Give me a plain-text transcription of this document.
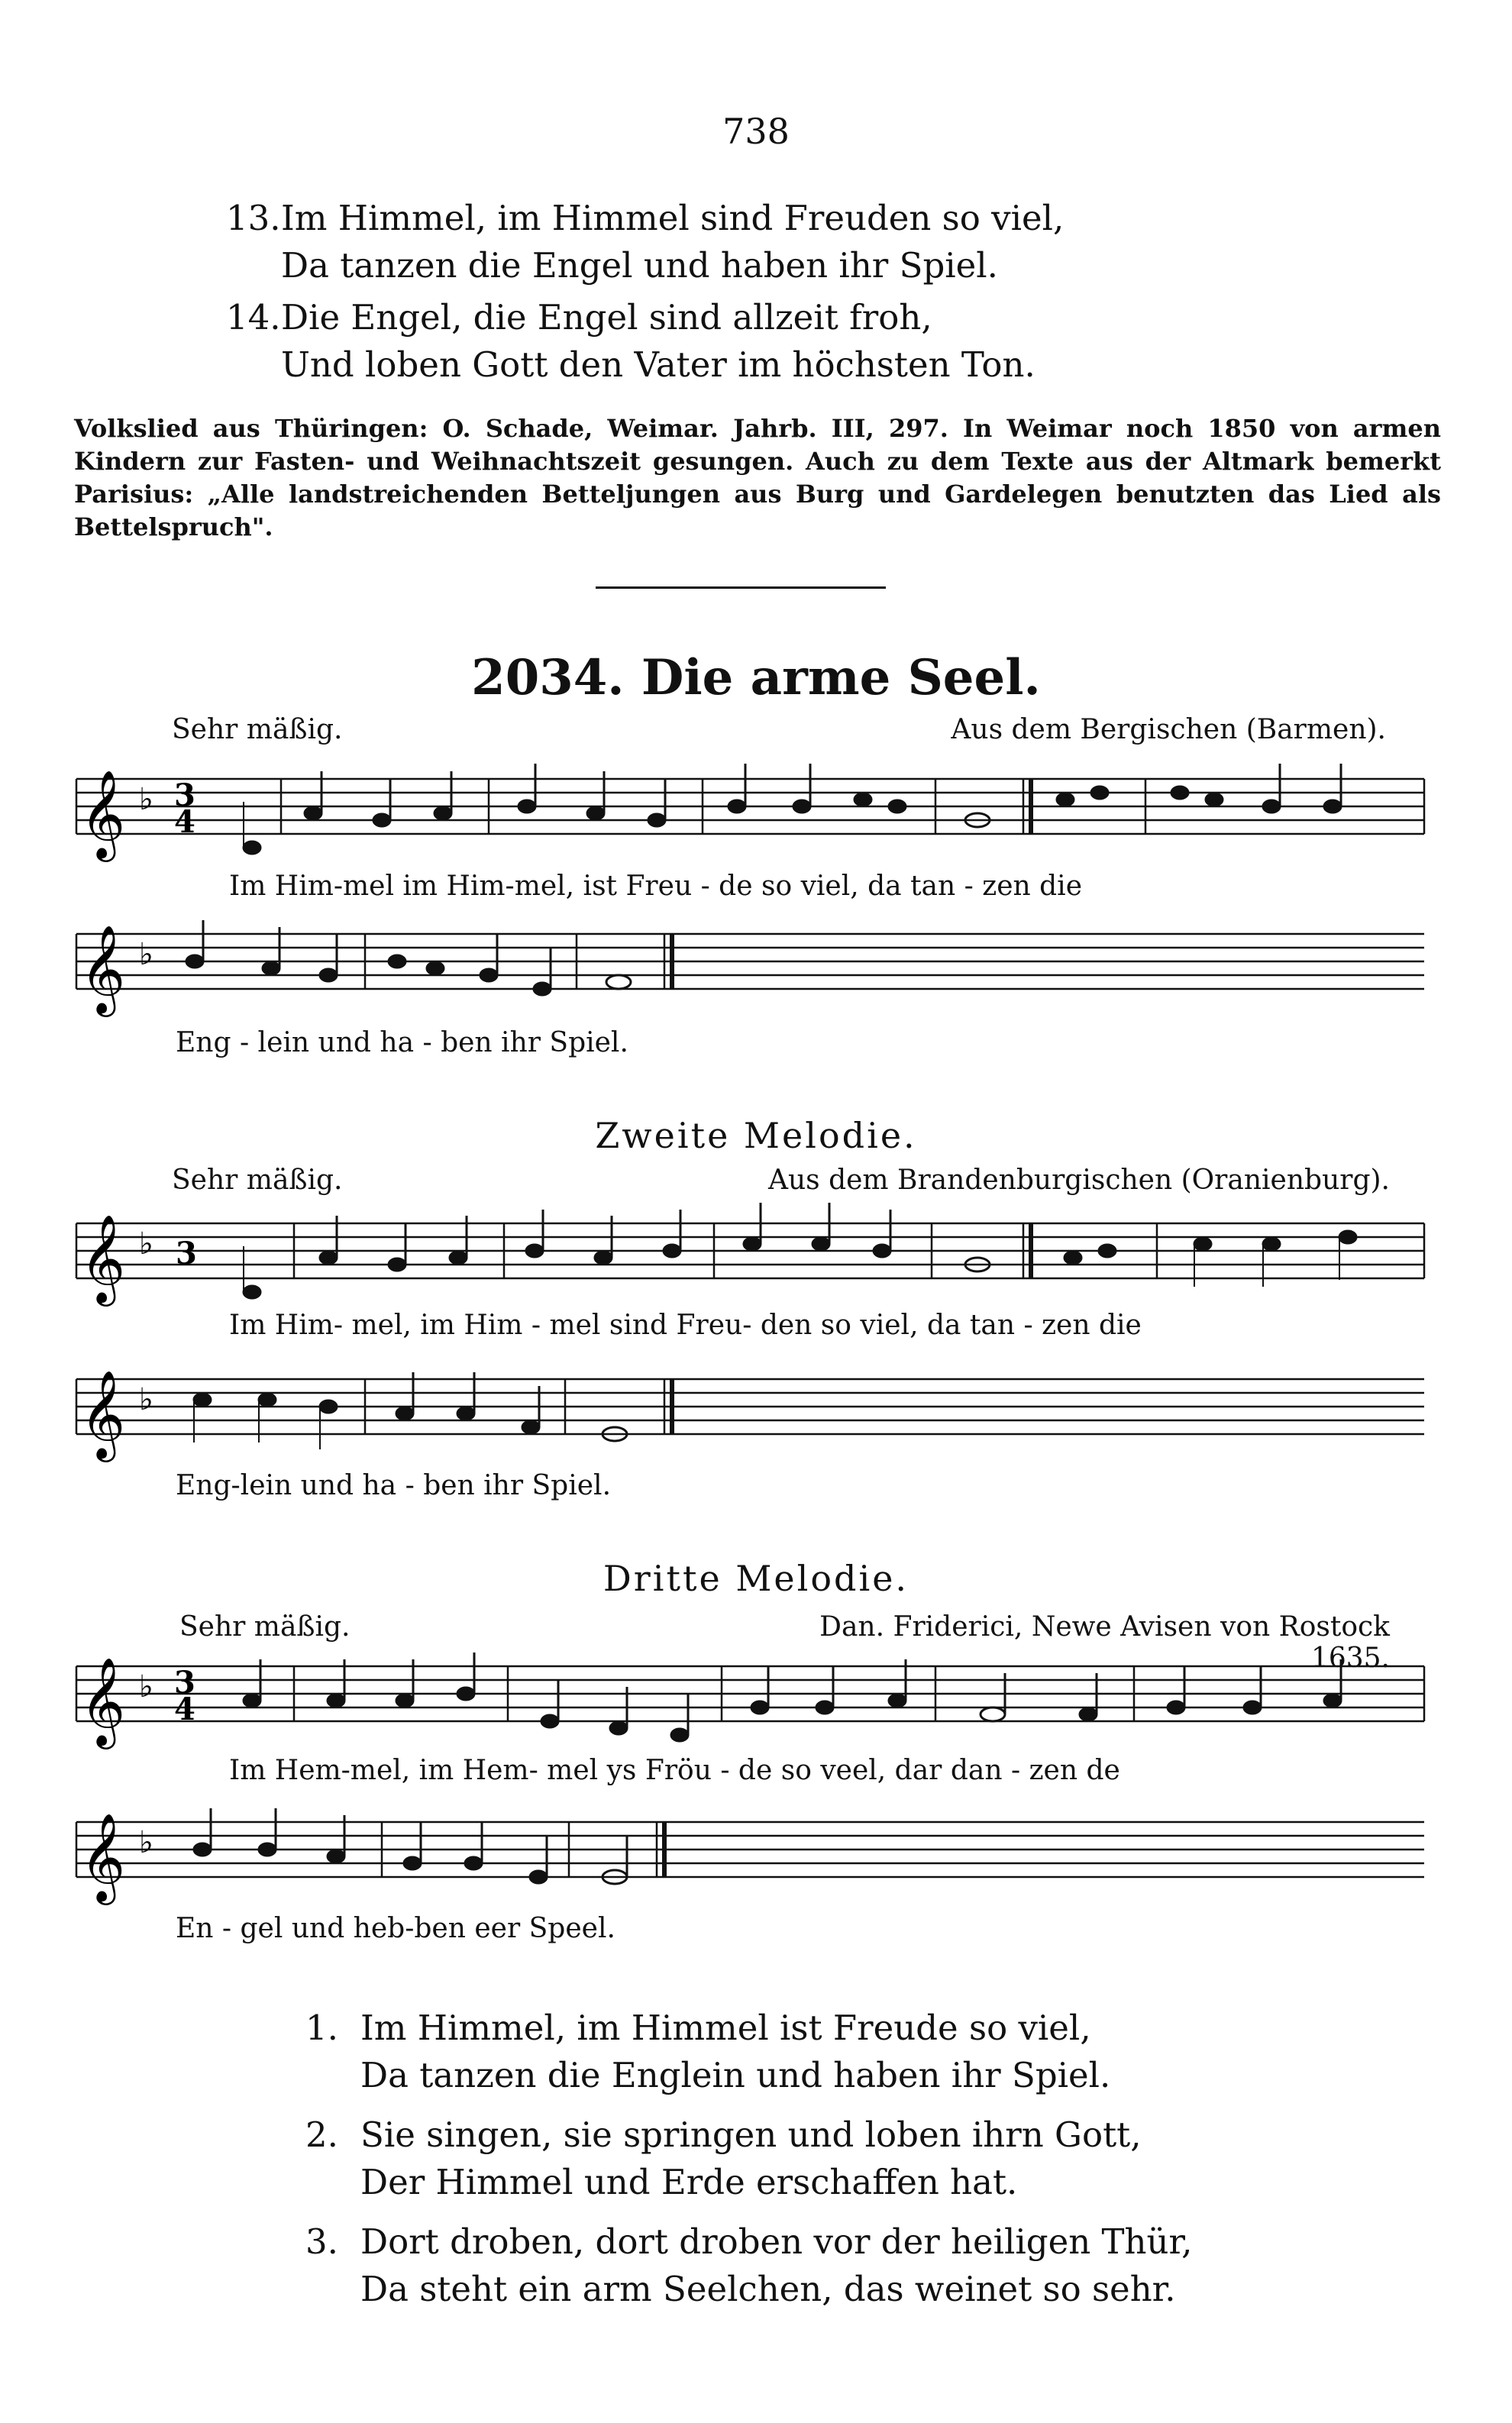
738
13.Im Himmel, im Himmel sind Freuden so viel,
Da tanzen die Engel und haben ihr Spiel.
14.Die Engel, die Engel sind allzeit froh,
Und loben Gott den Vater im höchsten Ton.
Volkslied aus Thüringen: O. Schade, Weimar. Jahrb. III, 297. In Weimar noch 1850 von armen Kindern zur Fasten- und Weihnachtszeit gesungen. Auch zu dem Texte aus der Altmark bemerkt Parisius: „Alle landstreichenden Betteljungen aus Burg und Gardelegen benutzten das Lied als Bettelspruch".
2034. Die arme Seel.
Sehr mäßig.	Aus dem Bergischen (Barmen).
𝄞 ♭ 3
4
𝄞 ♭
𝄞 ♭ 3
𝄞 ♭
𝄞 ♭ 3
4
𝄞 ♭
Im Him-mel im Him-mel, ist Freu - de so viel, da tan - zen die
Eng - lein und ha - ben ihr Spiel.
Zweite Melodie.
Sehr mäßig.	Aus dem Brandenburgischen (Oranienburg).
Im Him- mel, im Him - mel sind Freu- den so viel, da tan - zen die
Eng-lein und ha - ben ihr Spiel.
Dritte Melodie.
Sehr mäßig.	Dan. Friderici, Newe Avisen von Rostock 1635.
Im Hem-mel, im Hem- mel ys Fröu - de so veel, dar dan - zen de
En - gel und heb-ben eer Speel.
1. Im Himmel, im Himmel ist Freude so viel,
Da tanzen die Englein und haben ihr Spiel.
2. Sie singen, sie springen und loben ihrn Gott,
Der Himmel und Erde erschaffen hat.
3. Dort droben, dort droben vor der heiligen Thür,
Da steht ein arm Seelchen, das weinet so sehr.
